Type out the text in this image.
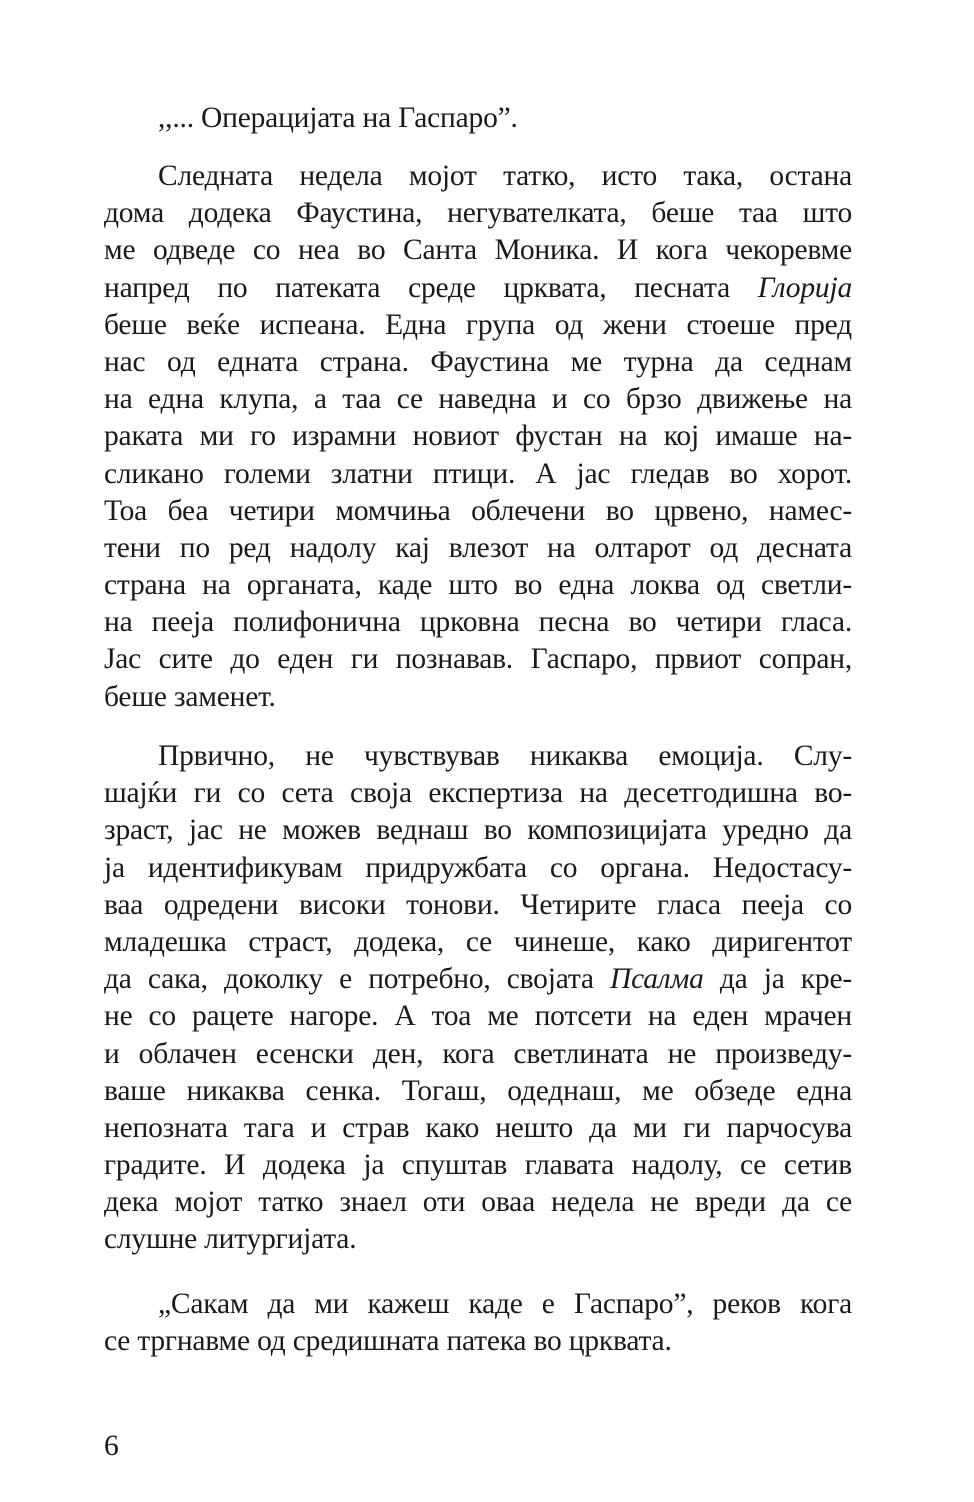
,,... Операцијата на Гаспаро”.
Следната недела мојот татко, исто така, остана
дома додека Фаустина, негувателката, беше таа што
ме одведе со неа во Санта Моника. И кога чекоревме
напред по патеката среде црквата, песната Глорија
беше веќе испеана. Една група од жени стоеше пред
нас од едната страна. Фаустина ме турна да седнам
на една клупа, а таа се наведна и со брзо движење на
раката ми го израмни новиот фустан на кој имаше на-
сликано големи златни птици. А јас гледав во хорот.
Тоа беа четири момчиња облечени во црвено, намес-
тени по ред надолу кај влезот на олтарот од десната
страна на органата, каде што во една локва од светли-
на пееја полифонична црковна песна во четири гласа.
Јас сите до еден ги познавав. Гаспаро, првиот сопран,
беше заменет.
Првично, не чувствував никаква емоција. Слу-
шајќи ги со сета своја експертиза на десетгодишна во-
зраст, јас не можев веднаш во композицијата уредно да
ја идентификувам придружбата со органа. Недостасу-
ваа одредени високи тонови. Четирите гласа пееја со
младешка страст, додека, се чинеше, како диригентот
да сака, доколку е потребно, својата Псалма да ја кре-
не со рацете нагоре. А тоа ме потсети на еден мрачен
и облачен есенски ден, кога светлината не произведу-
ваше никаква сенка. Тогаш, одеднаш, ме обзеде една
непозната тага и страв како нешто да ми ги парчосува
градите. И додека ја спуштав главата надолу, се сетив
дека мојот татко знаел оти оваа недела не вреди да се
слушне литургијата.
„Сакам да ми кажеш каде е Гаспаро”, реков кога
се тргнавме од средишната патека во црквата.
6
